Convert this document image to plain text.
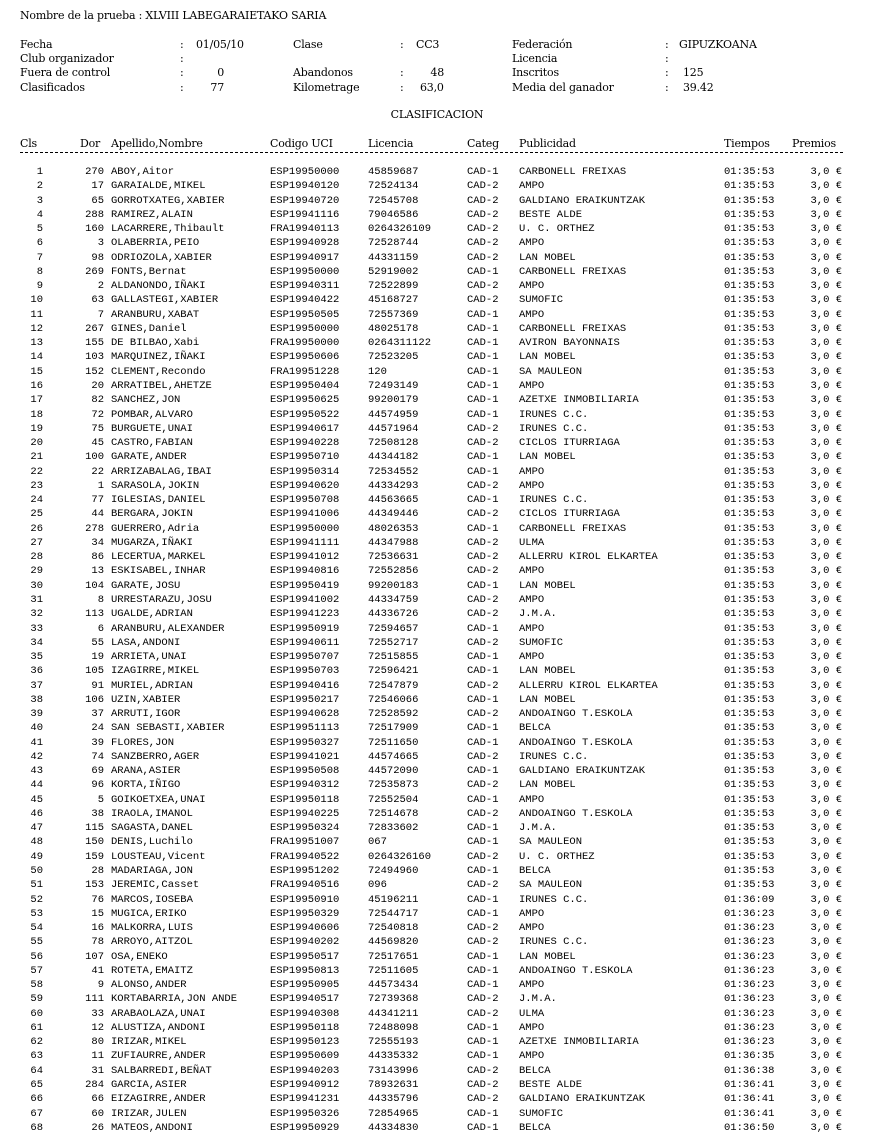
Nombre de la prueba : XLVIII LABEGARAIETAKO SARIA
Fecha	: 01/05/10	Clase	: CC3	Federación	: GIPUZKOANA
Club organizador	:	Licencia	:
Fuera de control	:	0	Abandonos	:	48	Inscritos	: 125
Clasificados	:	77	Kilometrage	: 63,0	Media del ganador	: 39.42
CLASIFICACION
Cls	Dor Apellido,Nombre	Codigo UCI	Licencia	Categ Publicidad	Tiempos Premios
1	270 ABOY,Aitor	ESP19950000	45859687	CAD-1 CARBONELL FREIXAS	01:35:53	3,0 €
2	17 GARAIALDE,MIKEL	ESP19940120	72524134	CAD-2 AMPO	01:35:53	3,0 €
3	65 GORROTXATEG,XABIER	ESP19940720	72545708	CAD-2 GALDIANO ERAIKUNTZAK	01:35:53	3,0 €
4	288 RAMIREZ,ALAIN	ESP19941116	79046586	CAD-2 BESTE ALDE	01:35:53	3,0 €
5	160 LACARRERE,Thibault	FRA19940113	0264326109	CAD-2 U. C. ORTHEZ	01:35:53	3,0 €
6	3 OLABERRIA,PEIO	ESP19940928	72528744	CAD-2 AMPO	01:35:53	3,0 €
7	98 ODRIOZOLA,XABIER	ESP19940917	44331159	CAD-2 LAN MOBEL	01:35:53	3,0 €
8	269 FONTS,Bernat	ESP19950000	52919002	CAD-1 CARBONELL FREIXAS	01:35:53	3,0 €
9	2 ALDANONDO,IÑAKI	ESP19940311	72522899	CAD-2 AMPO	01:35:53	3,0 €
10	63 GALLASTEGI,XABIER	ESP19940422	45168727	CAD-2 SUMOFIC	01:35:53	3,0 €
11	7 ARANBURU,XABAT	ESP19950505	72557369	CAD-1 AMPO	01:35:53	3,0 €
12	267 GINES,Daniel	ESP19950000	48025178	CAD-1 CARBONELL FREIXAS	01:35:53	3,0 €
13	155 DE BILBAO,Xabi	FRA19950000	0264311122	CAD-1 AVIRON BAYONNAIS	01:35:53	3,0 €
14	103 MARQUINEZ,IÑAKI	ESP19950606	72523205	CAD-1 LAN MOBEL	01:35:53	3,0 €
15	152 CLEMENT,Recondo	FRA19951228	120	CAD-1 SA MAULEON	01:35:53	3,0 €
16	20 ARRATIBEL,AHETZE	ESP19950404	72493149	CAD-1 AMPO	01:35:53	3,0 €
17	82 SANCHEZ,JON	ESP19950625	99200179	CAD-1 AZETXE INMOBILIARIA	01:35:53	3,0 €
18	72 POMBAR,ALVARO	ESP19950522	44574959	CAD-1 IRUNES C.C.	01:35:53	3,0 €
19	75 BURGUETE,UNAI	ESP19940617	44571964	CAD-2 IRUNES C.C.	01:35:53	3,0 €
20	45 CASTRO,FABIAN	ESP19940228	72508128	CAD-2 CICLOS ITURRIAGA	01:35:53	3,0 €
21	100 GARATE,ANDER	ESP19950710	44344182	CAD-1 LAN MOBEL	01:35:53	3,0 €
22	22 ARRIZABALAG,IBAI	ESP19950314	72534552	CAD-1 AMPO	01:35:53	3,0 €
23	1 SARASOLA,JOKIN	ESP19940620	44334293	CAD-2 AMPO	01:35:53	3,0 €
24	77 IGLESIAS,DANIEL	ESP19950708	44563665	CAD-1 IRUNES C.C.	01:35:53	3,0 €
25	44 BERGARA,JOKIN	ESP19941006	44349446	CAD-2 CICLOS ITURRIAGA	01:35:53	3,0 €
26	278 GUERRERO,Adria	ESP19950000	48026353	CAD-1 CARBONELL FREIXAS	01:35:53	3,0 €
27	34 MUGARZA,IÑAKI	ESP19941111	44347988	CAD-2 ULMA	01:35:53	3,0 €
28	86 LECERTUA,MARKEL	ESP19941012	72536631	CAD-2 ALLERRU KIROL ELKARTEA	01:35:53	3,0 €
29	13 ESKISABEL,INHAR	ESP19940816	72552856	CAD-2 AMPO	01:35:53	3,0 €
30	104 GARATE,JOSU	ESP19950419	99200183	CAD-1 LAN MOBEL	01:35:53	3,0 €
31	8 URRESTARAZU,JOSU	ESP19941002	44334759	CAD-2 AMPO	01:35:53	3,0 €
32	113 UGALDE,ADRIAN	ESP19941223	44336726	CAD-2 J.M.A.	01:35:53	3,0 €
33	6 ARANBURU,ALEXANDER	ESP19950919	72594657	CAD-1 AMPO	01:35:53	3,0 €
34	55 LASA,ANDONI	ESP19940611	72552717	CAD-2 SUMOFIC	01:35:53	3,0 €
35	19 ARRIETA,UNAI	ESP19950707	72515855	CAD-1 AMPO	01:35:53	3,0 €
36	105 IZAGIRRE,MIKEL	ESP19950703	72596421	CAD-1 LAN MOBEL	01:35:53	3,0 €
37	91 MURIEL,ADRIAN	ESP19940416	72547879	CAD-2 ALLERRU KIROL ELKARTEA	01:35:53	3,0 €
38	106 UZIN,XABIER	ESP19950217	72546066	CAD-1 LAN MOBEL	01:35:53	3,0 €
39	37 ARRUTI,IGOR	ESP19940628	72528592	CAD-2 ANDOAINGO T.ESKOLA	01:35:53	3,0 €
40	24 SAN SEBASTI,XABIER	ESP19951113	72517909	CAD-1 BELCA	01:35:53	3,0 €
41	39 FLORES,JON	ESP19950327	72511650	CAD-1 ANDOAINGO T.ESKOLA	01:35:53	3,0 €
42	74 SANZBERRO,AGER	ESP19941021	44574665	CAD-2 IRUNES C.C.	01:35:53	3,0 €
43	69 ARANA,ASIER	ESP19950508	44572090	CAD-1 GALDIANO ERAIKUNTZAK	01:35:53	3,0 €
44	96 KORTA,IÑIGO	ESP19940312	72535873	CAD-2 LAN MOBEL	01:35:53	3,0 €
45	5 GOIKOETXEA,UNAI	ESP19950118	72552504	CAD-1 AMPO	01:35:53	3,0 €
46	38 IRAOLA,IMANOL	ESP19940225	72514678	CAD-2 ANDOAINGO T.ESKOLA	01:35:53	3,0 €
47	115 SAGASTA,DANEL	ESP19950324	72833602	CAD-1 J.M.A.	01:35:53	3,0 €
48	150 DENIS,Luchilo	FRA19951007	067	CAD-1 SA MAULEON	01:35:53	3,0 €
49	159 LOUSTEAU,Vicent	FRA19940522	0264326160	CAD-2 U. C. ORTHEZ	01:35:53	3,0 €
50	28 MADARIAGA,JON	ESP19951202	72494960	CAD-1 BELCA	01:35:53	3,0 €
51	153 JEREMIC,Casset	FRA19940516	096	CAD-2 SA MAULEON	01:35:53	3,0 €
52	76 MARCOS,IOSEBA	ESP19950910	45196211	CAD-1 IRUNES C.C.	01:36:09	3,0 €
53	15 MUGICA,ERIKO	ESP19950329	72544717	CAD-1 AMPO	01:36:23	3,0 €
54	16 MALKORRA,LUIS	ESP19940606	72540818	CAD-2 AMPO	01:36:23	3,0 €
55	78 ARROYO,AITZOL	ESP19940202	44569820	CAD-2 IRUNES C.C.	01:36:23	3,0 €
56	107 OSA,ENEKO	ESP19950517	72517651	CAD-1 LAN MOBEL	01:36:23	3,0 €
57	41 ROTETA,EMAITZ	ESP19950813	72511605	CAD-1 ANDOAINGO T.ESKOLA	01:36:23	3,0 €
58	9 ALONSO,ANDER	ESP19950905	44573434	CAD-1 AMPO	01:36:23	3,0 €
59	111 KORTABARRIA,JON ANDE	ESP19940517	72739368	CAD-2 J.M.A.	01:36:23	3,0 €
60	33 ARABAOLAZA,UNAI	ESP19940308	44341211	CAD-2 ULMA	01:36:23	3,0 €
61	12 ALUSTIZA,ANDONI	ESP19950118	72488098	CAD-1 AMPO	01:36:23	3,0 €
62	80 IRIZAR,MIKEL	ESP19950123	72555193	CAD-1 AZETXE INMOBILIARIA	01:36:23	3,0 €
63	11 ZUFIAURRE,ANDER	ESP19950609	44335332	CAD-1 AMPO	01:36:35	3,0 €
64	31 SALBARREDI,BEÑAT	ESP19940203	73143996	CAD-2 BELCA	01:36:38	3,0 €
65	284 GARCIA,ASIER	ESP19940912	78932631	CAD-2 BESTE ALDE	01:36:41	3,0 €
66	66 EIZAGIRRE,ANDER	ESP19941231	44335796	CAD-2 GALDIANO ERAIKUNTZAK	01:36:41	3,0 €
67	60 IRIZAR,JULEN	ESP19950326	72854965	CAD-1 SUMOFIC	01:36:41	3,0 €
68	26 MATEOS,ANDONI	ESP19950929	44334830	CAD-1 BELCA	01:36:50	3,0 €
